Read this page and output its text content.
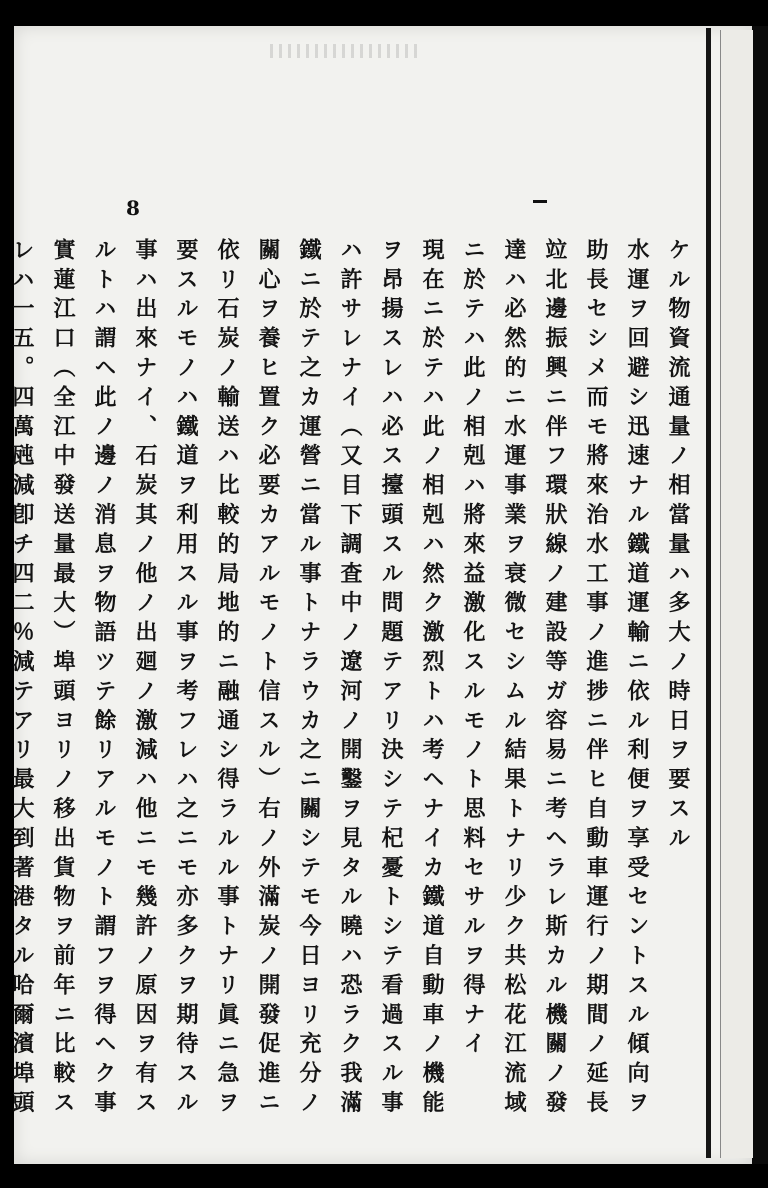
8
ケル物資流通量ノ相當量ハ多大ノ時日ヲ要スル
水運ヲ回避シ迅速ナル鐵道運輸ニ依ル利便ヲ享受セントスル傾向ヲ
助長セシメ而モ將來治水工事ノ進捗ニ伴ヒ自動車運行ノ期間ノ延長
竝北邊振興ニ伴フ環狀線ノ建設等ガ容易ニ考ヘラレ斯カル機關ノ發
達ハ必然的ニ水運事業ヲ衰微セシムル結果トナリ少ク共松花江流域
ニ於テハ此ノ相剋ハ將來益激化スルモノト思料セサルヲ得ナイ
現在ニ於テハ此ノ相剋ハ然ク激烈トハ考ヘナイカ鐵道自動車ノ機能
ヲ昂揚スレハ必ス擡頭スル問題テアリ決シテ杞憂トシテ看過スル事
ハ許サレナイ（又目下調査中ノ遼河ノ開鑿ヲ見タル曉ハ恐ラク我滿
鐵ニ於テ之カ運營ニ當ル事トナラウカ之ニ關シテモ今日ヨリ充分ノ
關心ヲ養ヒ置ク必要カアルモノト信スル）右ノ外滿炭ノ開發促進ニ
依リ石炭ノ輸送ハ比較的局地的ニ融通シ得ラルル事トナリ眞ニ急ヲ
要スルモノハ鐵道ヲ利用スル事ヲ考フレハ之ニモ亦多クヲ期待スル
事ハ出來ナイ、石炭其ノ他ノ出廻ノ激減ハ他ニモ幾許ノ原因ヲ有ス
ルトハ謂ヘ此ノ邊ノ消息ヲ物語ツテ餘リアルモノト謂フヲ得ヘク事
實蓮江口（全江中發送量最大）埠頭ヨリノ移出貨物ヲ前年ニ比較ス
レハ一五。四萬瓲減卽チ四二％減テアリ最大到著港タル哈爾濱埠頭
